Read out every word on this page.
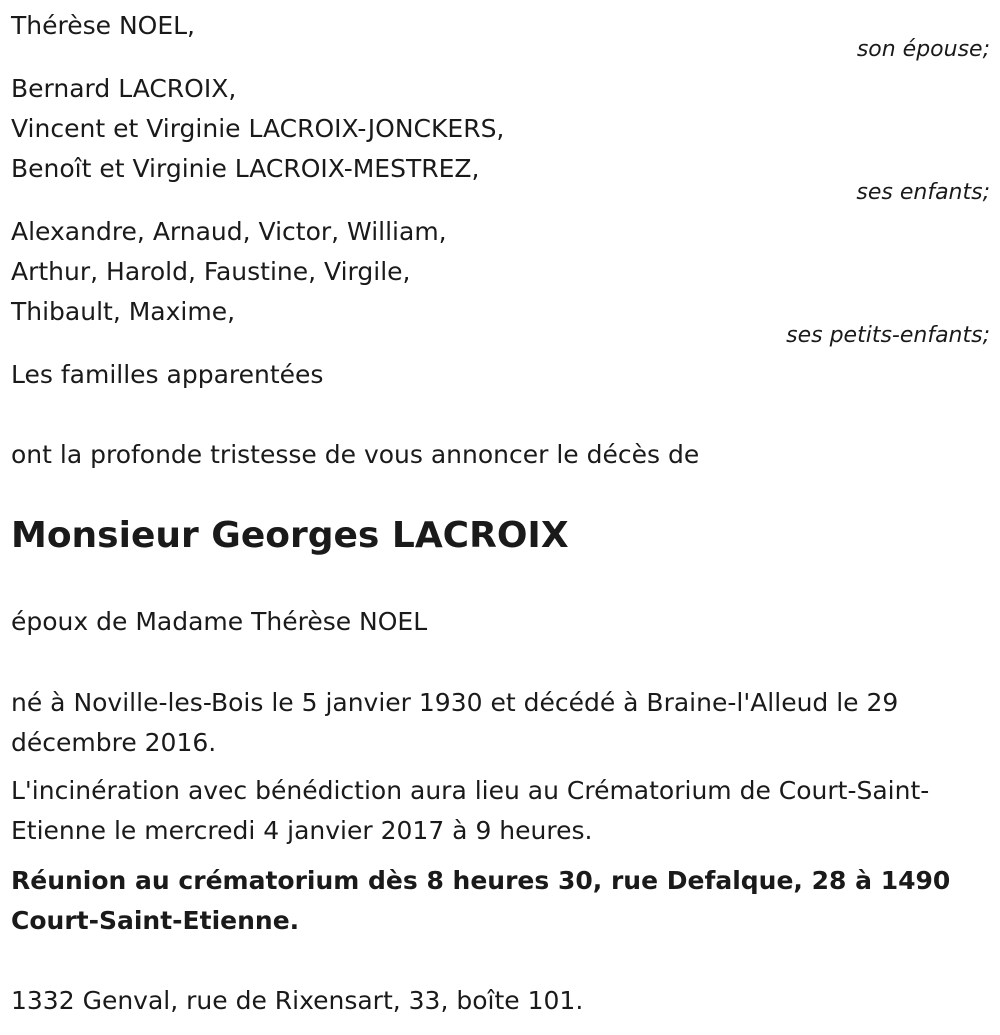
Thérèse NOEL,
son épouse;
Bernard LACROIX,
Vincent et Virginie LACROIX-JONCKERS,
Benoît et Virginie LACROIX-MESTREZ,
ses enfants;
Alexandre, Arnaud, Victor, William,
Arthur, Harold, Faustine, Virgile,
Thibault, Maxime,
ses petits-enfants;
Les familles apparentées
ont la profonde tristesse de vous annoncer le décès de
Monsieur Georges LACROIX
époux de Madame Thérèse NOEL
né à Noville-les-Bois le 5 janvier 1930 et décédé à Braine-l'Alleud le 29 décembre 2016.
L'incinération avec bénédiction aura lieu au Crématorium de Court-Saint-Etienne le mercredi 4 janvier 2017 à 9 heures.
Réunion au crématorium dès 8 heures 30, rue Defalque, 28 à 1490 Court-Saint-Etienne.
1332 Genval, rue de Rixensart, 33, boîte 101.
